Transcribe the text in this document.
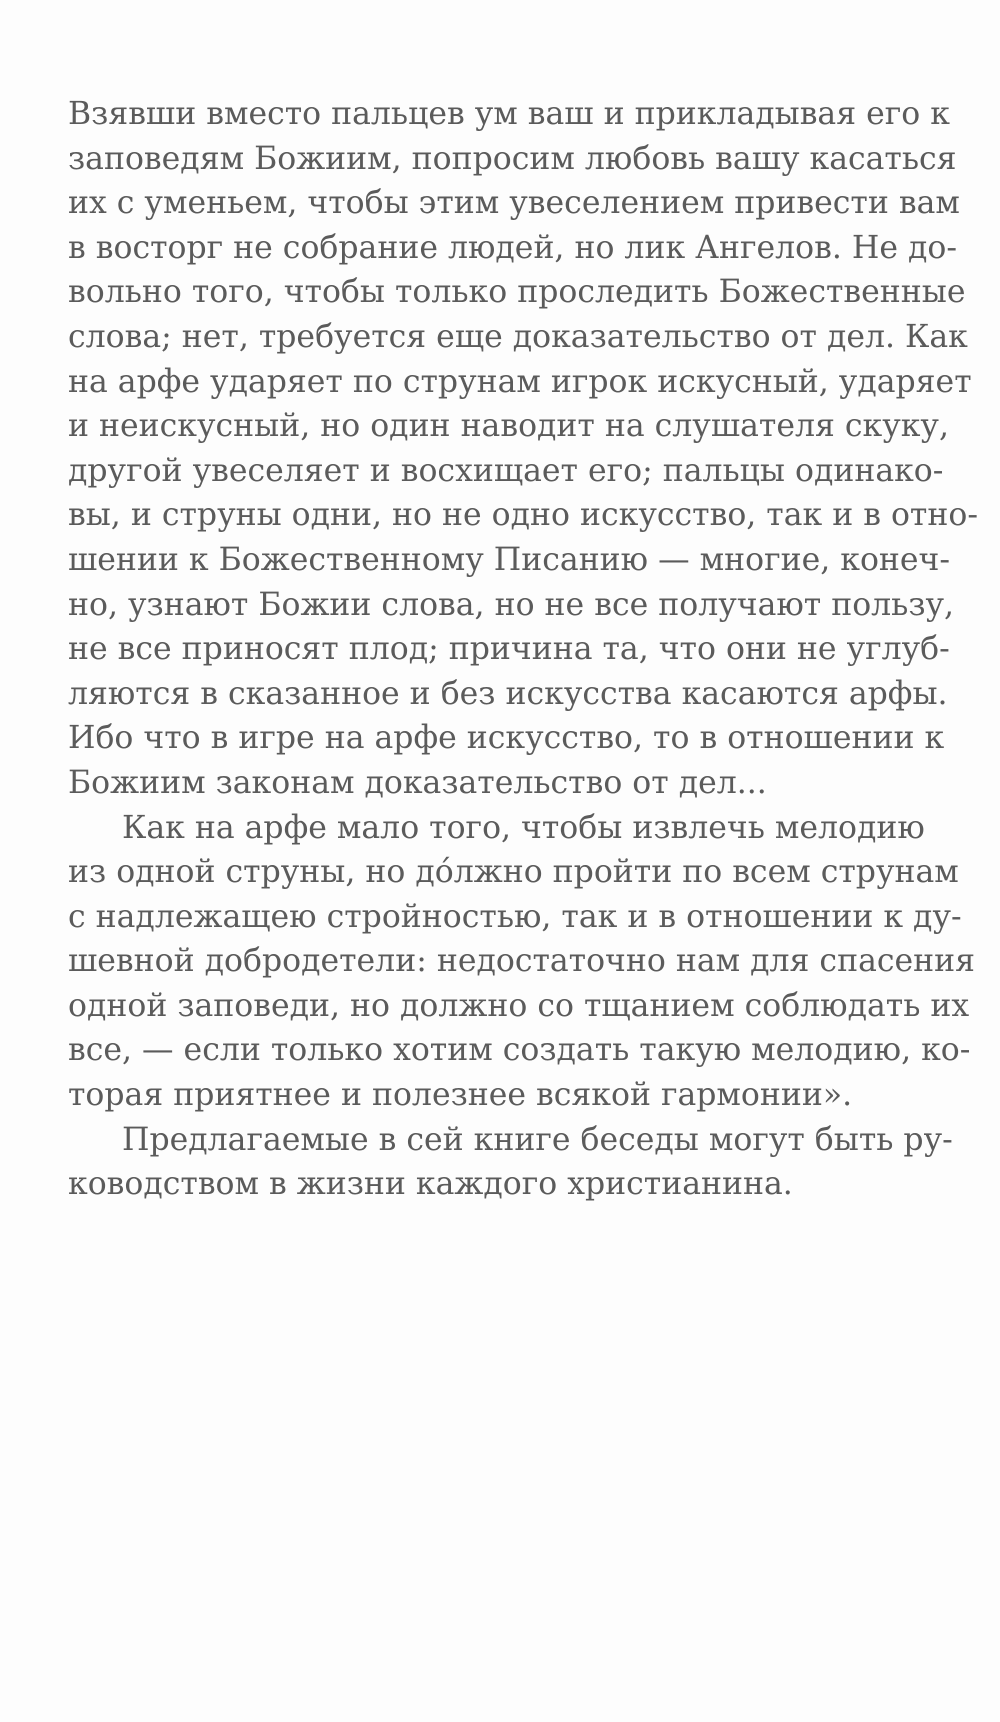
Взявши вместо пальцев ум ваш и прикладывая его к
заповедям Божиим, попросим любовь вашу касаться
их с уменьем, чтобы этим увеселением привести вам
в восторг не собрание людей, но лик Ангелов. Не до-
вольно того, чтобы только проследить Божественные
слова; нет, требуется еще доказательство от дел. Как
на арфе ударяет по струнам игрок искусный, ударяет
и неискусный, но один наводит на слушателя скуку,
другой увеселяет и восхищает его; пальцы одинако-
вы, и струны одни, но не одно искусство, так и в отно-
шении к Божественному Писанию — многие, конеч-
но, узнают Божии слова, но не все получают пользу,
не все приносят плод; причина та, что они не углуб-
ляются в сказанное и без искусства касаются арфы.
Ибо что в игре на арфе искусство, то в отношении к
Божиим законам доказательство от дел...

Как на арфе мало того, чтобы извлечь мелодию
из одной струны, но до́лжно пройти по всем струнам
с надлежащею стройностью, так и в отношении к ду-
шевной добродетели: недостаточно нам для спасения
одной заповеди, но должно со тщанием соблюдать их
все, — если только хотим создать такую мелодию, ко-
торая приятнее и полезнее всякой гармонии».

Предлагаемые в сей книге беседы могут быть ру-
ководством в жизни каждого христианина.
